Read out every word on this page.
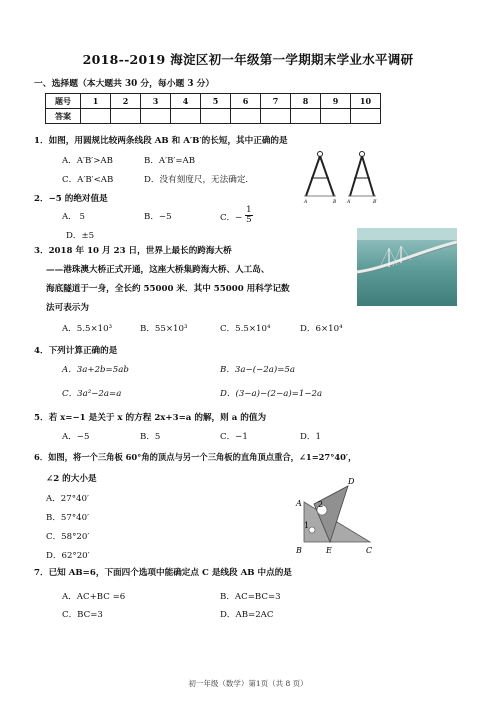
2018--2019 海淀区初一年级第一学期期末学业水平调研
一、选择题（本大题共 30 分，每小题 3 分）
题号	1	2	3	4	5	6	7	8	9	10
答案										
1．如图，用圆规比较两条线段 AB 和 A′B′的长短，其中正确的是
A．A′B′>AB	B．A′B′=AB
C．A′B′<AB	D．没有刻度尺，无法确定．
A	B A′	B′
2．−5 的绝对值是
A． 5	B．−5	C．− $\frac{1}{5}$
D．±5
3．2018 年 10 月 23 日，世界上最长的跨海大桥
——港珠澳大桥正式开通，这座大桥集跨海大桥、人工岛、
海底隧道于一身，全长约 55000 米．其中 55000 用科学记数
法可表示为
A．5.5×10³	B．55×10³	C．5.5×10⁴	D．6×10⁴
4．下列计算正确的是
A．3a+2b=5ab	B．3a−(−2a)=5a
C．3a²−2a=a	D．(3−a)−(2−a)=1−2a
5．若 x=−1 是关于 x 的方程 2x+3=a 的解，则 a 的值为
A．−5	B．5	C．−1	D．1
6．如图，将一个三角板 60°角的顶点与另一个三角板的直角顶点重合，∠1=27°40′，
∠2 的大小是
A．27°40′
B．57°40′
C．58°20′
D．62°20′
A
B	C
D
E
1
2
7．已知 AB=6，下面四个选项中能确定点 C 是线段 AB 中点的是
A．AC+BC =6	B．AC=BC=3
C．BC=3	D．AB=2AC
初一年级（数学）第1页（共 8 页）
